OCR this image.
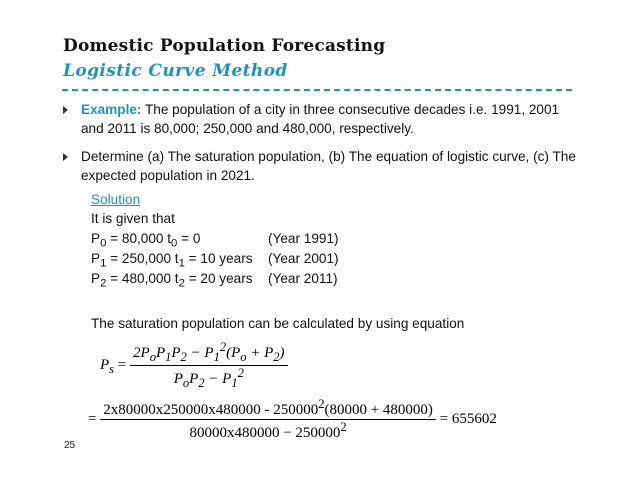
Domestic Population Forecasting
Logistic Curve Method
Example: The population of a city in three consecutive decades i.e. 1991, 2001 and 2011 is 80,000; 250,000 and 480,000, respectively.
Determine (a) The saturation population, (b) The equation of logistic curve, (c) The expected population in 2021.
Solution
It is given that
$P_0 = 80,000$ $t_0 = 0$	(Year 1991)
$P_1 = 250,000$ $t_1 = 10$ years (Year 2001)
$P_2 = 480,000$ $t_2 = 20$ years (Year 2011)
The saturation population can be calculated by using equation
$P_s = \frac{2P_oP_1P_2 - P_1^2(P_o + P_2)}{P_oP_2 - P_1^2}$
= $\frac{2x80000x250000x480000 - 250000^2(80000 + 480000)}{80000x480000 - 250000^2} = 655602$
25
